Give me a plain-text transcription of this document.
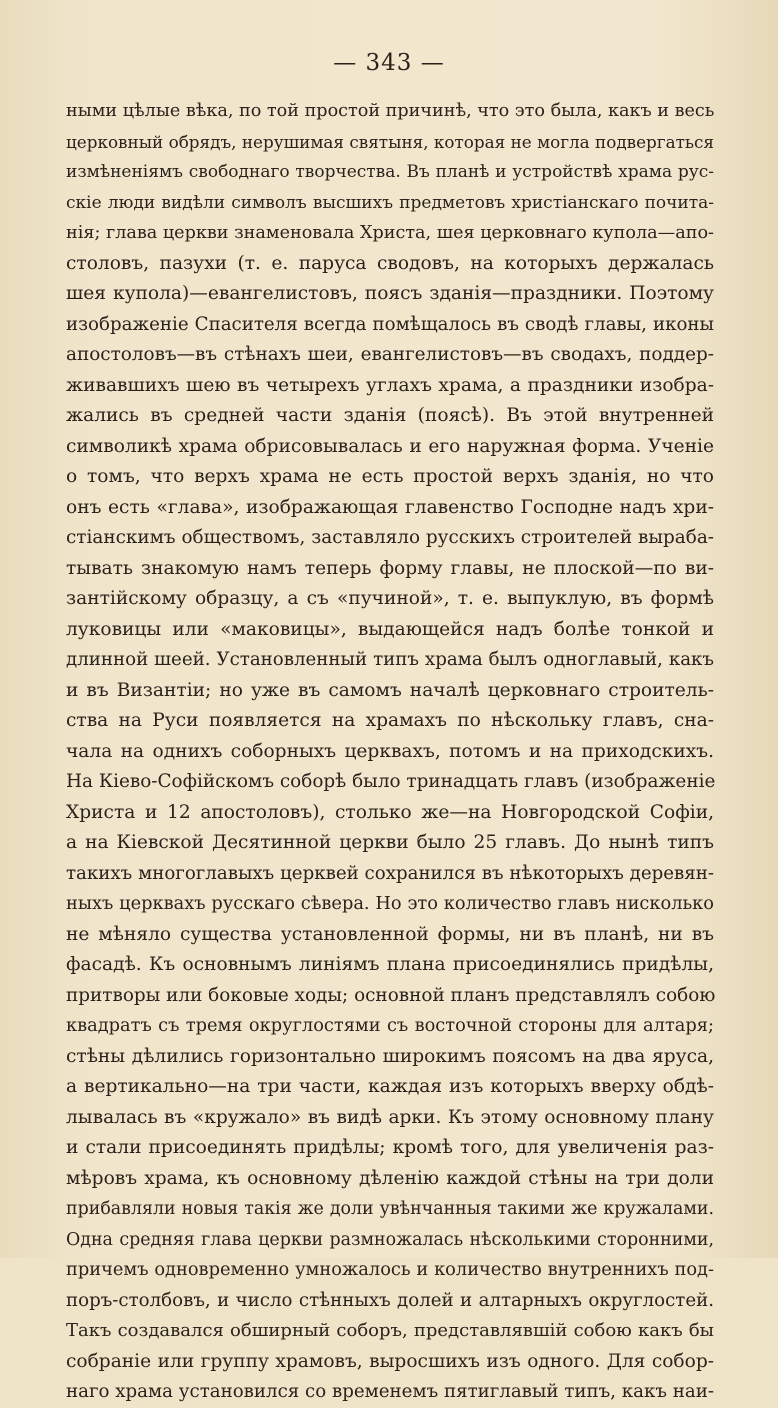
— 343 —
ными цѣлые вѣка, по той простой причинѣ, что это была, какъ и весь
церковный обрядъ, нерушимая святыня, которая не могла подвергаться
измѣненіямъ свободнаго творчества. Въ планѣ и устройствѣ храма рус-
скіе люди видѣли символъ высшихъ предметовъ христіанскаго почита-
нія; глава церкви знаменовала Христа, шея церковнаго купола—апо-
столовъ, пазухи (т. е. паруса сводовъ, на которыхъ держалась
шея купола)—евангелистовъ, поясъ зданія—праздники. Поэтому
изображеніе Спасителя всегда помѣщалось въ сводѣ главы, иконы
апостоловъ—въ стѣнахъ шеи, евангелистовъ—въ сводахъ, поддер-
живавшихъ шею въ четырехъ углахъ храма, а праздники изобра-
жались въ средней части зданія (поясѣ). Въ этой внутренней
символикѣ храма обрисовывалась и его наружная форма. Ученіе
о томъ, что верхъ храма не есть простой верхъ зданія, но что
онъ есть «глава», изображающая главенство Господне надъ хри-
стіанскимъ обществомъ, заставляло русскихъ строителей выраба-
тывать знакомую намъ теперь форму главы, не плоской—по ви-
зантійскому образцу, а съ «пучиной», т. е. выпуклую, въ формѣ
луковицы или «маковицы», выдающейся надъ болѣе тонкой и
длинной шеей. Установленный типъ храма былъ одноглавый, какъ
и въ Византіи; но уже въ самомъ началѣ церковнаго строитель-
ства на Руси появляется на храмахъ по нѣскольку главъ, сна-
чала на однихъ соборныхъ церквахъ, потомъ и на приходскихъ.
На Кіево-Софійскомъ соборѣ было тринадцать главъ (изображеніе
Христа и 12 апостоловъ), столько же—на Новгородской Софіи,
а на Кіевской Десятинной церкви было 25 главъ. До нынѣ типъ
такихъ многоглавыхъ церквей сохранился въ нѣкоторыхъ деревян-
ныхъ церквахъ русскаго сѣвера. Но это количество главъ нисколько
не мѣняло существа установленной формы, ни въ планѣ, ни въ
фасадѣ. Къ основнымъ линіямъ плана присоединялись придѣлы,
притворы или боковые ходы; основной планъ представлялъ собою
квадратъ съ тремя округлостями съ восточной стороны для алтаря;
стѣны дѣлились горизонтально широкимъ поясомъ на два яруса,
а вертикально—на три части, каждая изъ которыхъ вверху обдѣ-
лывалась въ «кружало» въ видѣ арки. Къ этому основному плану
и стали присоединять придѣлы; кромѣ того, для увеличенія раз-
мѣровъ храма, къ основному дѣленію каждой стѣны на три доли
прибавляли новыя такія же доли увѣнчанныя такими же кружалами.
Одна средняя глава церкви размножалась нѣсколькими сторонними,
причемъ одновременно умножалось и количество внутреннихъ под-
поръ-столбовъ, и число стѣнныхъ долей и алтарныхъ округлостей.
Такъ создавался обширный соборъ, представлявшій собою какъ бы
собраніе или группу храмовъ, выросшихъ изъ одного. Для собор-
наго храма установился со временемъ пятиглавый типъ, какъ наи-
